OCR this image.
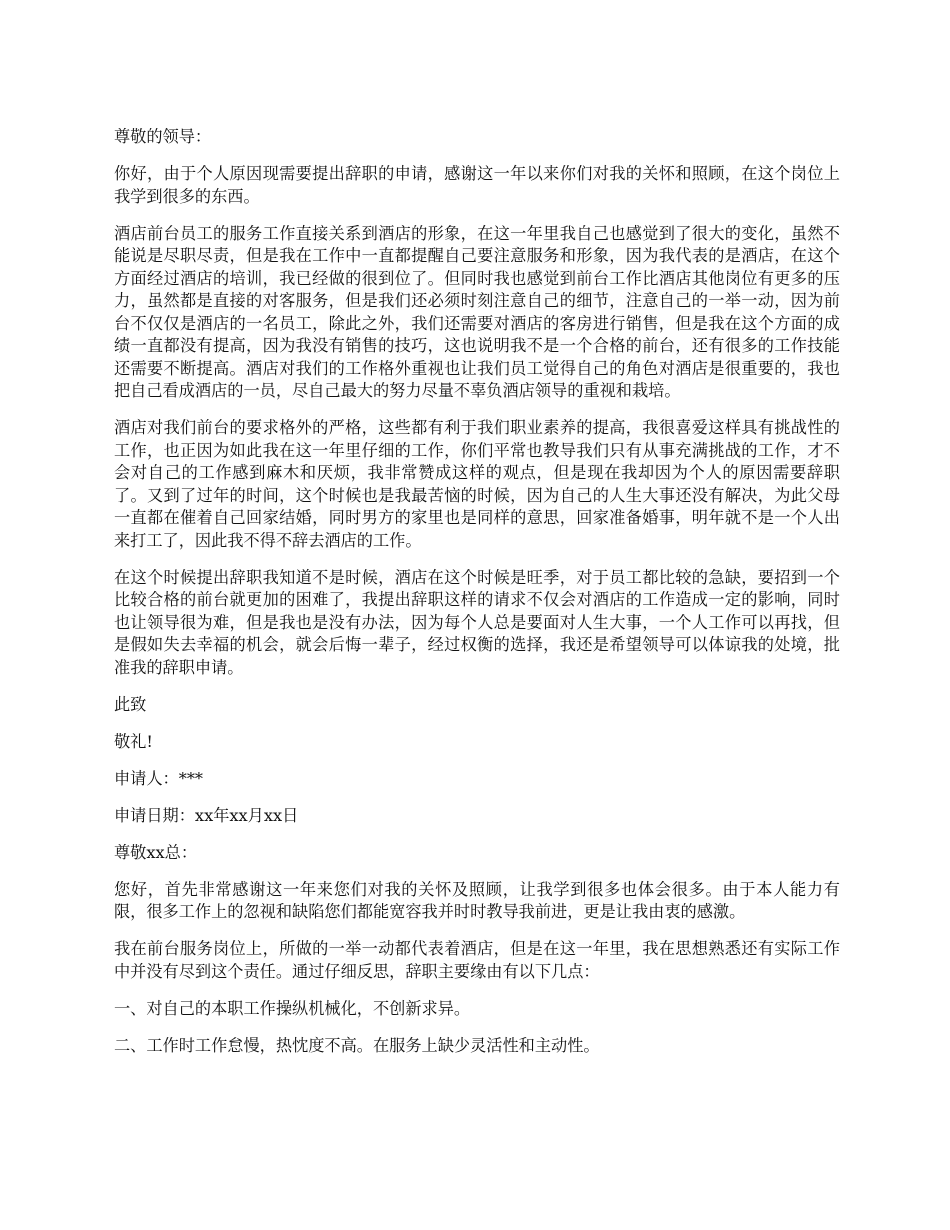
尊敬的领导：

你好，由于个人原因现需要提出辞职的申请，感谢这一年以来你们对我的关怀和照顾，在这个岗位上我学到很多的东西。

酒店前台员工的服务工作直接关系到酒店的形象，在这一年里我自己也感觉到了很大的变化，虽然不能说是尽职尽责，但是我在工作中一直都提醒自己要注意服务和形象，因为我代表的是酒店，在这个方面经过酒店的培训，我已经做的很到位了。但同时我也感觉到前台工作比酒店其他岗位有更多的压力，虽然都是直接的对客服务，但是我们还必须时刻注意自己的细节，注意自己的一举一动，因为前台不仅仅是酒店的一名员工，除此之外，我们还需要对酒店的客房进行销售，但是我在这个方面的成绩一直都没有提高，因为我没有销售的技巧，这也说明我不是一个合格的前台，还有很多的工作技能还需要不断提高。酒店对我们的工作格外重视也让我们员工觉得自己的角色对酒店是很重要的，我也把自己看成酒店的一员，尽自己最大的努力尽量不辜负酒店领导的重视和栽培。

酒店对我们前台的要求格外的严格，这些都有利于我们职业素养的提高，我很喜爱这样具有挑战性的工作，也正因为如此我在这一年里仔细的工作，你们平常也教导我们只有从事充满挑战的工作，才不会对自己的工作感到麻木和厌烦，我非常赞成这样的观点，但是现在我却因为个人的原因需要辞职了。又到了过年的时间，这个时候也是我最苦恼的时候，因为自己的人生大事还没有解决，为此父母一直都在催着自己回家结婚，同时男方的家里也是同样的意思，回家准备婚事，明年就不是一个人出来打工了，因此我不得不辞去酒店的工作。

在这个时候提出辞职我知道不是时候，酒店在这个时候是旺季，对于员工都比较的急缺，要招到一个比较合格的前台就更加的困难了，我提出辞职这样的请求不仅会对酒店的工作造成一定的影响，同时也让领导很为难，但是我也是没有办法，因为每个人总是要面对人生大事，一个人工作可以再找，但是假如失去幸福的机会，就会后悔一辈子，经过权衡的选择，我还是希望领导可以体谅我的处境，批准我的辞职申请。

此致

敬礼!

申请人：***

申请日期：xx年xx月xx日

尊敬xx总：

您好，首先非常感谢这一年来您们对我的关怀及照顾，让我学到很多也体会很多。由于本人能力有限，很多工作上的忽视和缺陷您们都能宽容我并时时教导我前进，更是让我由衷的感激。

我在前台服务岗位上，所做的一举一动都代表着酒店，但是在这一年里，我在思想熟悉还有实际工作中并没有尽到这个责任。通过仔细反思，辞职主要缘由有以下几点：

一、对自己的本职工作操纵机械化，不创新求异。

二、工作时工作怠慢，热忱度不高。在服务上缺少灵活性和主动性。
